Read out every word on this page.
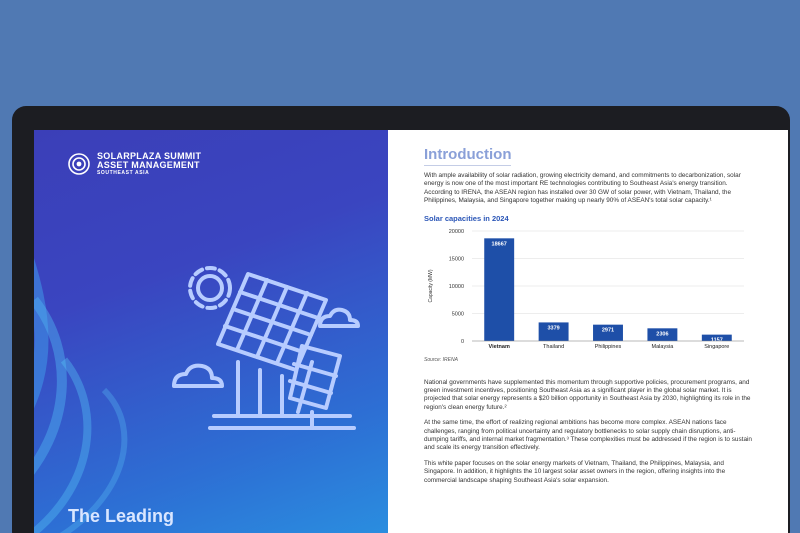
SOLARPLAZA SUMMIT
ASSET MANAGEMENT
SOUTHEAST ASIA
The Leading
Introduction

With ample availability of solar radiation, growing electricity demand, and commitments to decarbonization, solar energy is now one of the most important RE technologies contributing to Southeast Asia's energy transition. According to IRENA, the ASEAN region has installed over 30 GW of solar power, with Vietnam, Thailand, the Philippines, Malaysia, and Singapore together making up nearly 90% of ASEAN's total solar capacity.¹

Solar capacities in 2024
0
5000
10000
15000
20000
Capacity (MW)
18667
Vietnam
3379
Thailand
2971
Philippines
2306
Malaysia
1157
Singapore
Source: IRENA

National governments have supplemented this momentum through supportive policies, procurement programs, and green investment incentives, positioning Southeast Asia as a significant player in the global solar market. It is projected that solar energy represents a $20 billion opportunity in Southeast Asia by 2030, highlighting its role in the region's clean energy future.²

At the same time, the effort of realizing regional ambitions has become more complex. ASEAN nations face challenges, ranging from political uncertainty and regulatory bottlenecks to solar supply chain disruptions, anti-dumping tariffs, and internal market fragmentation.³ These complexities must be addressed if the region is to sustain and scale its energy transition effectively.

This white paper focuses on the solar energy markets of Vietnam, Thailand, the Philippines, Malaysia, and Singapore. In addition, it highlights the 10 largest solar asset owners in the region, offering insights into the commercial landscape shaping Southeast Asia's solar expansion.
